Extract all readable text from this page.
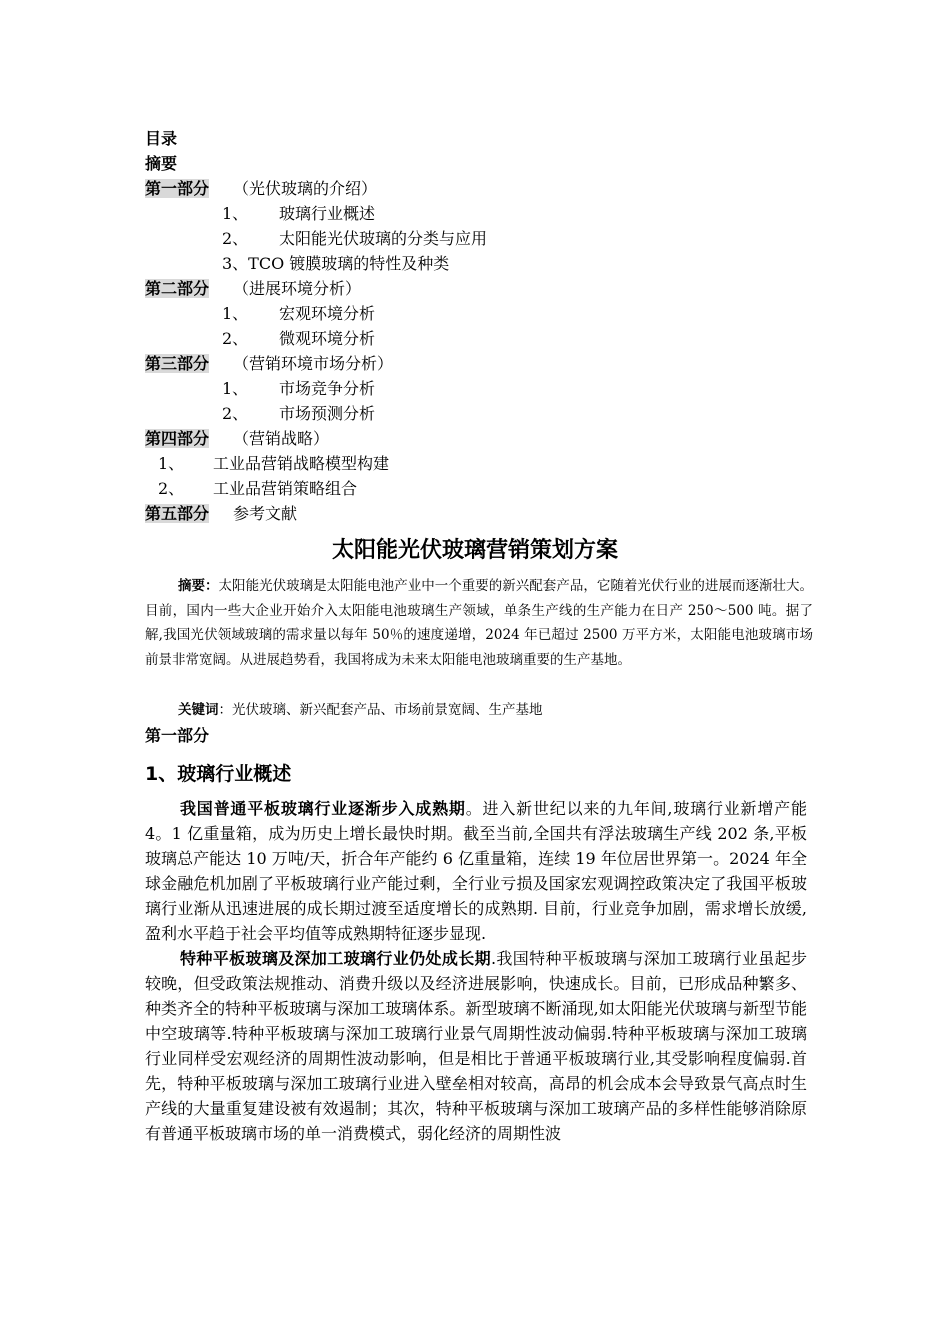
目录
摘要
第一部分 （光伏玻璃的介绍）
1、 玻璃行业概述
2、 太阳能光伏玻璃的分类与应用
3、TCO 镀膜玻璃的特性及种类
第二部分 （进展环境分析）
1、 宏观环境分析
2、 微观环境分析
第三部分 （营销环境市场分析）
1、 市场竞争分析
2、 市场预测分析
第四部分 （营销战略）
1、 工业品营销战略模型构建
2、 工业品营销策略组合
第五部分 参考文献
太阳能光伏玻璃营销策划方案
摘要：太阳能光伏玻璃是太阳能电池产业中一个重要的新兴配套产品，它随着光伏行业的进展而逐渐壮大。目前，国内一些大企业开始介入太阳能电池玻璃生产领域，单条生产线的生产能力在日产 250～500 吨。据了解,我国光伏领域玻璃的需求量以每年 50％的速度递增，2024 年已超过 2500 万平方米，太阳能电池玻璃市场前景非常宽阔。从进展趋势看，我国将成为未来太阳能电池玻璃重要的生产基地。
关键词：光伏玻璃、新兴配套产品、市场前景宽阔、生产基地
第一部分
1、玻璃行业概述

我国普通平板玻璃行业逐渐步入成熟期。进入新世纪以来的九年间,玻璃行业新增产能 4。1 亿重量箱，成为历史上增长最快时期。截至当前,全国共有浮法玻璃生产线 202 条,平板玻璃总产能达 10 万吨/天，折合年产能约 6 亿重量箱，连续 19 年位居世界第一。2024 年全球金融危机加剧了平板玻璃行业产能过剩，全行业亏损及国家宏观调控政策决定了我国平板玻璃行业渐从迅速进展的成长期过渡至适度增长的成熟期. 目前，行业竞争加剧，需求增长放缓,盈利水平趋于社会平均值等成熟期特征逐步显现.

特种平板玻璃及深加工玻璃行业仍处成长期.我国特种平板玻璃与深加工玻璃行业虽起步较晚，但受政策法规推动、消费升级以及经济进展影响，快速成长。目前，已形成品种繁多、种类齐全的特种平板玻璃与深加工玻璃体系。新型玻璃不断涌现,如太阳能光伏玻璃与新型节能中空玻璃等.特种平板玻璃与深加工玻璃行业景气周期性波动偏弱.特种平板玻璃与深加工玻璃行业同样受宏观经济的周期性波动影响，但是相比于普通平板玻璃行业,其受影响程度偏弱.首先，特种平板玻璃与深加工玻璃行业进入壁垒相对较高，高昂的机会成本会导致景气高点时生产线的大量重复建设被有效遏制；其次，特种平板玻璃与深加工玻璃产品的多样性能够消除原有普通平板玻璃市场的单一消费模式，弱化经济的周期性波
